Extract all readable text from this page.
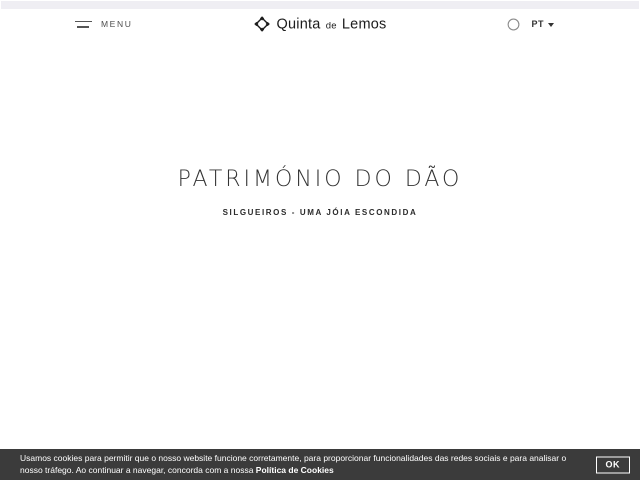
MENU	Quinta de Lemos	PT
PATRIMÓNIO DO DÃO
SILGUEIROS - UMA JÓIA ESCONDIDA
Usamos cookies para permitir que o nosso website funcione corretamente, para proporcionar funcionalidades das redes sociais e para analisar o nosso tráfego. Ao continuar a navegar, concorda com a nossa Política de Cookies
OK
